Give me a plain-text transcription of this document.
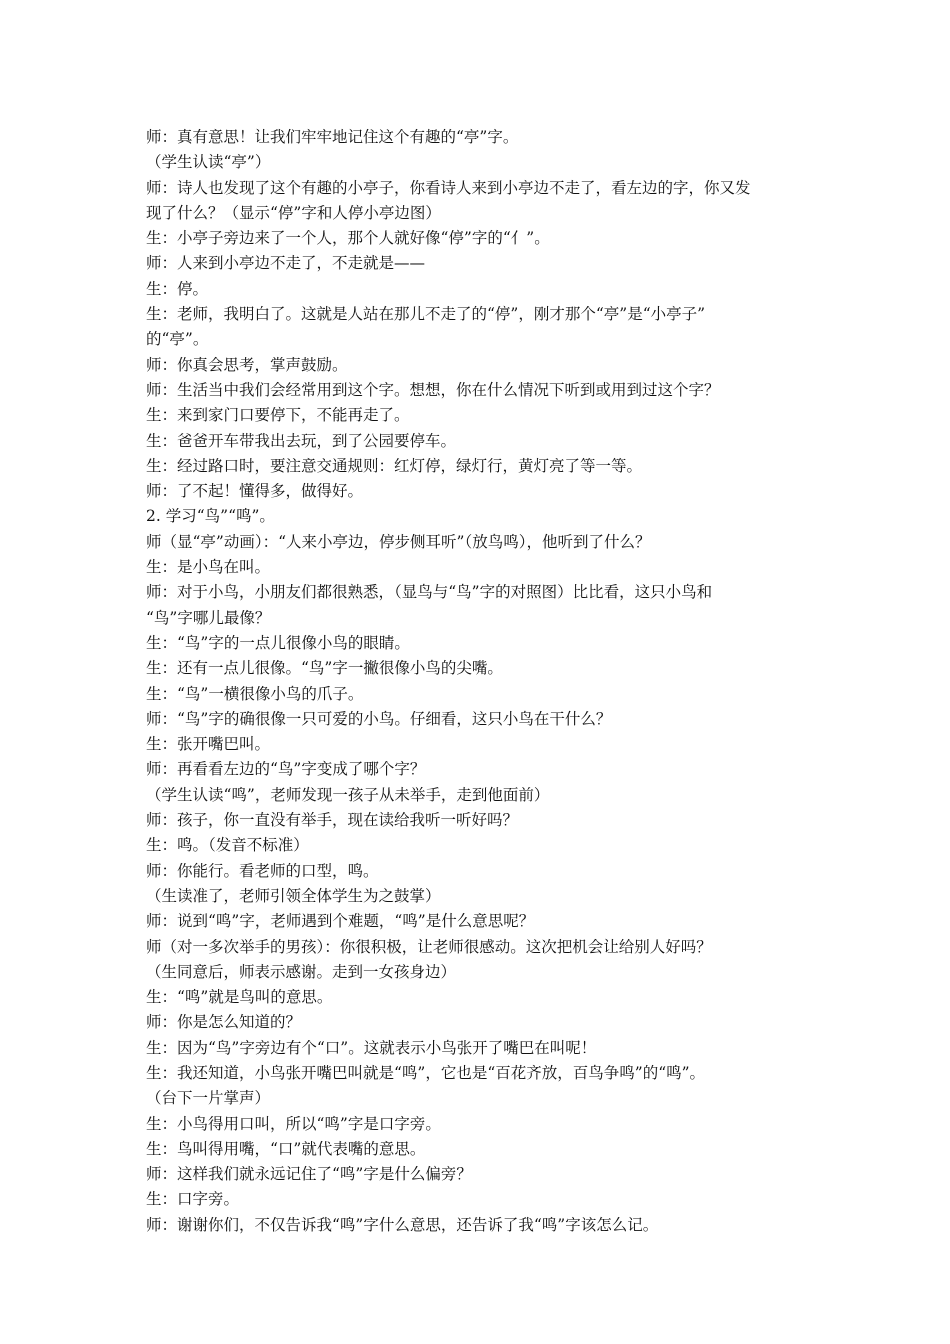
师：真有意思！让我们牢牢地记住这个有趣的“亭”字。
（学生认读“亭”）
师：诗人也发现了这个有趣的小亭子，你看诗人来到小亭边不走了，看左边的字，你又发
现了什么？（显示“停”字和人停小亭边图）
生：小亭子旁边来了一个人，那个人就好像“停”字的“亻”。
师：人来到小亭边不走了，不走就是——
生：停。
生：老师，我明白了。这就是人站在那儿不走了的“停”，刚才那个“亭”是“小亭子”
的“亭”。
师：你真会思考，掌声鼓励。
师：生活当中我们会经常用到这个字。想想，你在什么情况下听到或用到过这个字？
生：来到家门口要停下，不能再走了。
生：爸爸开车带我出去玩，到了公园要停车。
生：经过路口时，要注意交通规则：红灯停，绿灯行，黄灯亮了等一等。
师：了不起！懂得多，做得好。
2. 学习“鸟”“鸣”。
师（显“亭”动画）：“人来小亭边，停步侧耳听”（放鸟鸣），他听到了什么？
生：是小鸟在叫。
师：对于小鸟，小朋友们都很熟悉，（显鸟与“鸟”字的对照图）比比看，这只小鸟和
“鸟”字哪儿最像？
生：“鸟”字的一点儿很像小鸟的眼睛。
生：还有一点儿很像。“鸟”字一撇很像小鸟的尖嘴。
生：“鸟”一横很像小鸟的爪子。
师：“鸟”字的确很像一只可爱的小鸟。仔细看，这只小鸟在干什么？
生：张开嘴巴叫。
师：再看看左边的“鸟”字变成了哪个字？
（学生认读“鸣”，老师发现一孩子从未举手，走到他面前）
师：孩子，你一直没有举手，现在读给我听一听好吗？
生：鸣。（发音不标准）
师：你能行。看老师的口型，鸣。
（生读准了，老师引领全体学生为之鼓掌）
师：说到“鸣”字，老师遇到个难题，“鸣”是什么意思呢？
师（对一多次举手的男孩）：你很积极，让老师很感动。这次把机会让给别人好吗？
（生同意后，师表示感谢。走到一女孩身边）
生：“鸣”就是鸟叫的意思。
师：你是怎么知道的？
生：因为“鸟”字旁边有个“口”。这就表示小鸟张开了嘴巴在叫呢！
生：我还知道，小鸟张开嘴巴叫就是“鸣”，它也是“百花齐放，百鸟争鸣”的“鸣”。
（台下一片掌声）
生：小鸟得用口叫，所以“鸣”字是口字旁。
生：鸟叫得用嘴，“口”就代表嘴的意思。
师：这样我们就永远记住了“鸣”字是什么偏旁？
生：口字旁。
师：谢谢你们，不仅告诉我“鸣”字什么意思，还告诉了我“鸣”字该怎么记。
